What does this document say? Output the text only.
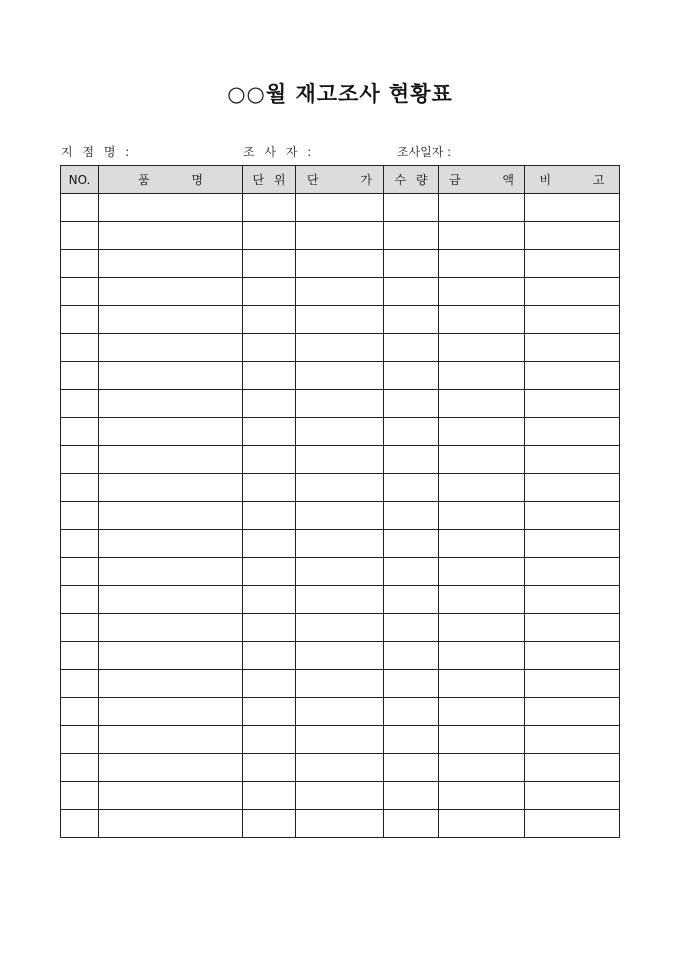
○○월 재고조사 현황표
지 점 명 :	조 사 자 :	조사일자 :
NO.	품 명	단 위	단 가	수 량	금 액	비 고
